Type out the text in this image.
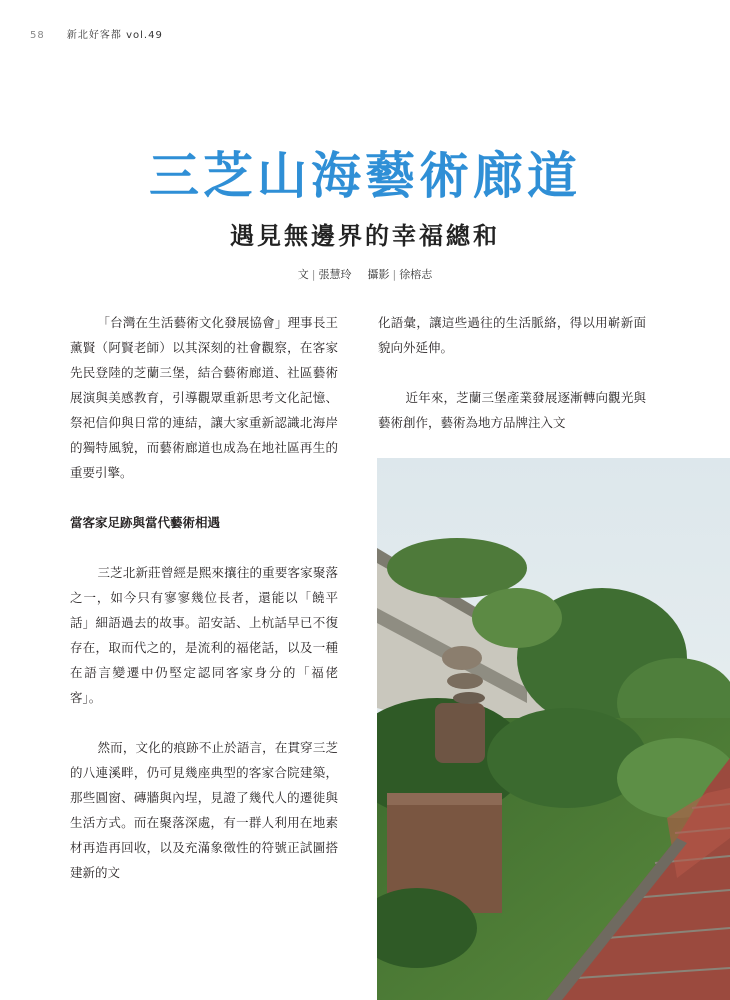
58 新北好客都 vol.49
三芝山海藝術廊道
遇見無邊界的幸福總和
文 | 張慧玲 攝影 | 徐榕志

「台灣在生活藝術文化發展協會」理事長王薰賢（阿賢老師）以其深刻的社會觀察，在客家先民登陸的芝蘭三堡，結合藝術廊道、社區藝術展演與美感教育，引導觀眾重新思考文化記憶、祭祀信仰與日常的連結，讓大家重新認識北海岸的獨特風貌，而藝術廊道也成為在地社區再生的重要引擎。

當客家足跡與當代藝術相遇

三芝北新莊曾經是熙來攘往的重要客家聚落之一，如今只有寥寥幾位長者，還能以「饒平話」細語過去的故事。詔安話、上杭話早已不復存在，取而代之的，是流利的福佬話，以及一種在語言變遷中仍堅定認同客家身分的「福佬客」。

然而，文化的痕跡不止於語言，在貫穿三芝的八連溪畔，仍可見幾座典型的客家合院建築，那些圓窗、磚牆與內埕，見證了幾代人的遷徙與生活方式。而在聚落深處，有一群人利用在地素材再造再回收，以及充滿象徵性的符號正試圖搭建新的文

化語彙，讓這些過往的生活脈絡，得以用嶄新面貌向外延伸。

近年來，芝蘭三堡產業發展逐漸轉向觀光與藝術創作，藝術為地方品牌注入文
